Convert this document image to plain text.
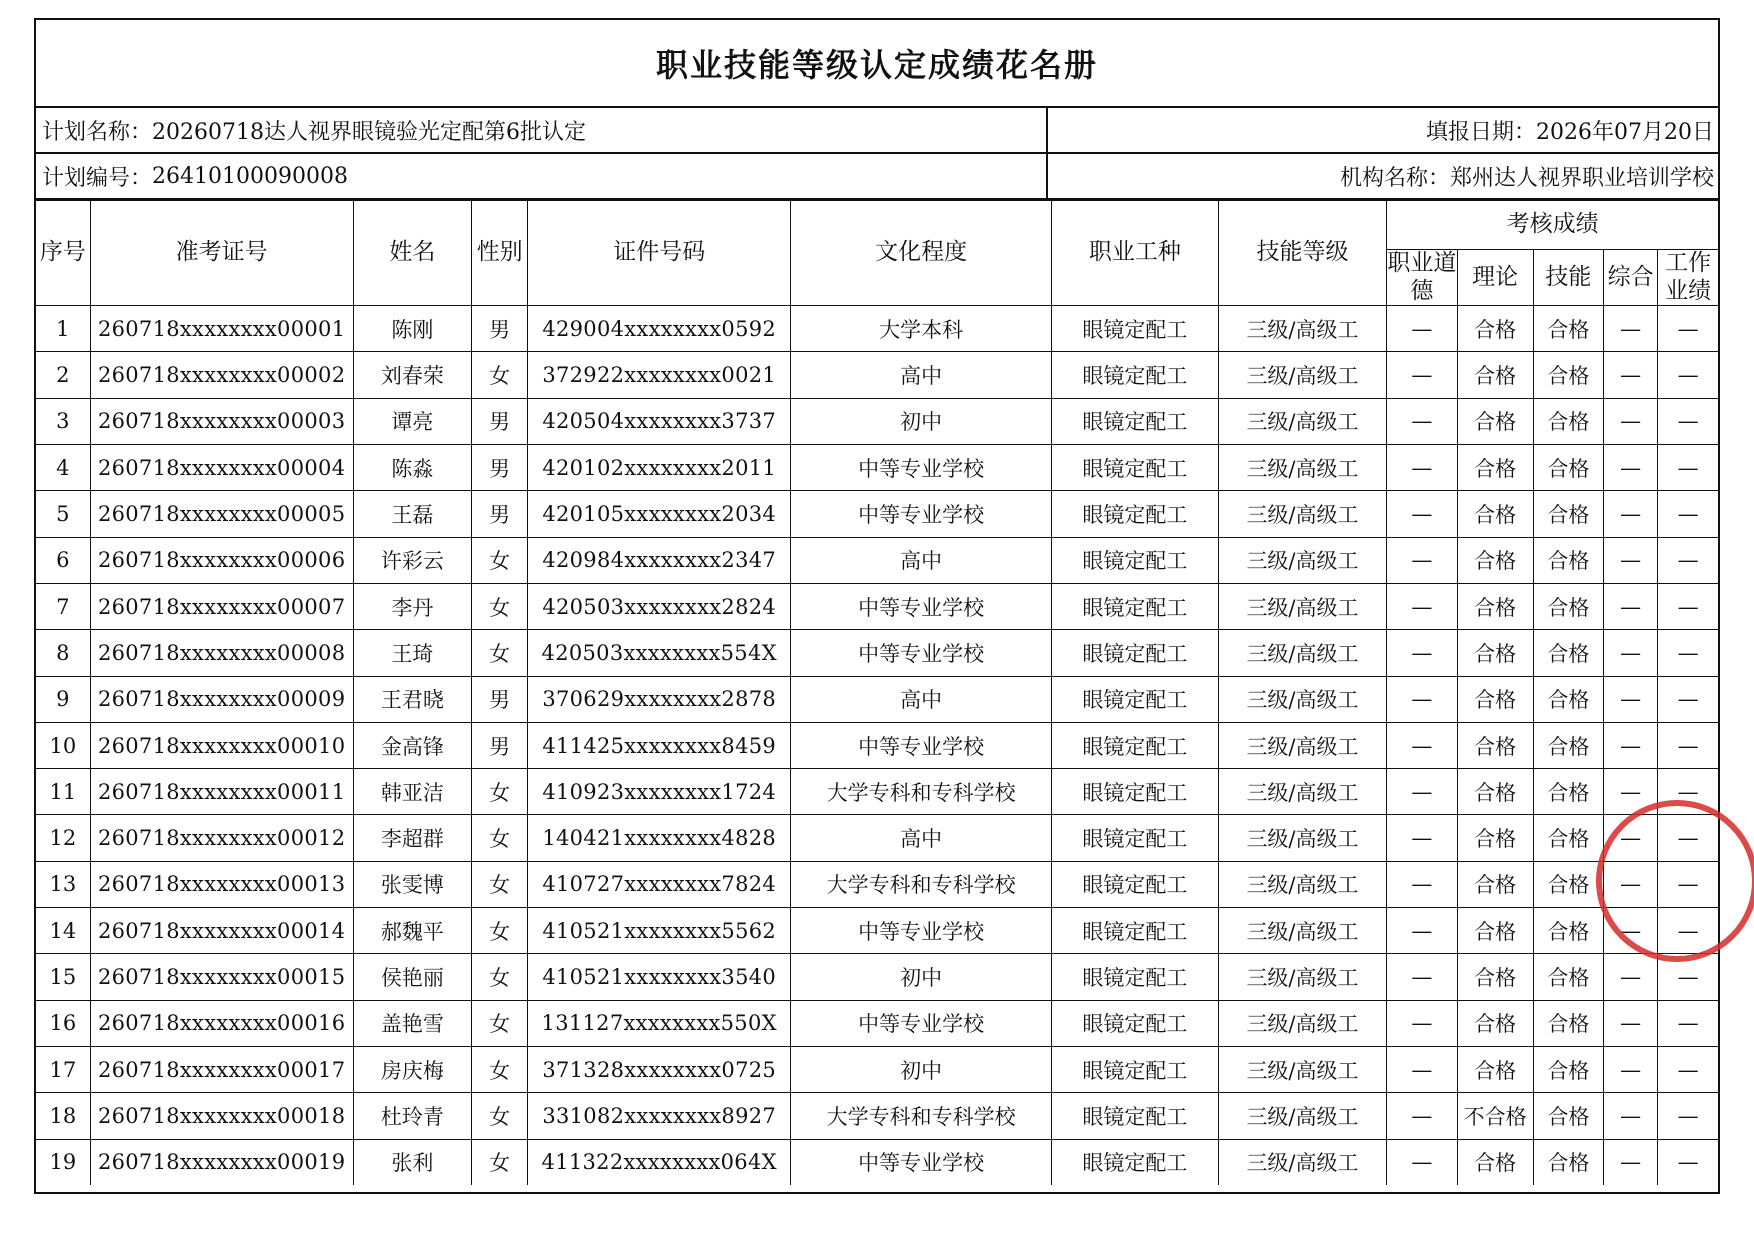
职业技能等级认定成绩花名册
计划名称： 20260718达人视界眼镜验光定配第6批认定	填报日期： 2026年07月20日
计划编号： 26410100090008	机构名称： 郑州达人视界职业培训学校
序号	准考证号	姓名	性别	证件号码	文化程度	职业工种	技能等级	考核成绩				
								职业道德	理论	技能	综合	工作业绩
1	260718xxxxxxxx00001	陈刚	男	429004xxxxxxxx0592	大学本科	眼镜定配工	三级/高级工	—	合格	合格	—	—
2	260718xxxxxxxx00002	刘春荣	女	372922xxxxxxxx0021	高中	眼镜定配工	三级/高级工	—	合格	合格	—	—
3	260718xxxxxxxx00003	谭亮	男	420504xxxxxxxx3737	初中	眼镜定配工	三级/高级工	—	合格	合格	—	—
4	260718xxxxxxxx00004	陈淼	男	420102xxxxxxxx2011	中等专业学校	眼镜定配工	三级/高级工	—	合格	合格	—	—
5	260718xxxxxxxx00005	王磊	男	420105xxxxxxxx2034	中等专业学校	眼镜定配工	三级/高级工	—	合格	合格	—	—
6	260718xxxxxxxx00006	许彩云	女	420984xxxxxxxx2347	高中	眼镜定配工	三级/高级工	—	合格	合格	—	—
7	260718xxxxxxxx00007	李丹	女	420503xxxxxxxx2824	中等专业学校	眼镜定配工	三级/高级工	—	合格	合格	—	—
8	260718xxxxxxxx00008	王琦	女	420503xxxxxxxx554X	中等专业学校	眼镜定配工	三级/高级工	—	合格	合格	—	—
9	260718xxxxxxxx00009	王君晓	男	370629xxxxxxxx2878	高中	眼镜定配工	三级/高级工	—	合格	合格	—	—
10	260718xxxxxxxx00010	金高锋	男	411425xxxxxxxx8459	中等专业学校	眼镜定配工	三级/高级工	—	合格	合格	—	—
11	260718xxxxxxxx00011	韩亚洁	女	410923xxxxxxxx1724	大学专科和专科学校	眼镜定配工	三级/高级工	—	合格	合格	—	—
12	260718xxxxxxxx00012	李超群	女	140421xxxxxxxx4828	高中	眼镜定配工	三级/高级工	—	合格	合格	—	—
13	260718xxxxxxxx00013	张雯博	女	410727xxxxxxxx7824	大学专科和专科学校	眼镜定配工	三级/高级工	—	合格	合格	—	—
14	260718xxxxxxxx00014	郝魏平	女	410521xxxxxxxx5562	中等专业学校	眼镜定配工	三级/高级工	—	合格	合格	—	—
15	260718xxxxxxxx00015	侯艳丽	女	410521xxxxxxxx3540	初中	眼镜定配工	三级/高级工	—	合格	合格	—	—
16	260718xxxxxxxx00016	盖艳雪	女	131127xxxxxxxx550X	中等专业学校	眼镜定配工	三级/高级工	—	合格	合格	—	—
17	260718xxxxxxxx00017	房庆梅	女	371328xxxxxxxx0725	初中	眼镜定配工	三级/高级工	—	合格	合格	—	—
18	260718xxxxxxxx00018	杜玲青	女	331082xxxxxxxx8927	大学专科和专科学校	眼镜定配工	三级/高级工	—	不合格	合格	—	—
19	260718xxxxxxxx00019	张利	女	411322xxxxxxxx064X	中等专业学校	眼镜定配工	三级/高级工	—	合格	合格	—	—
